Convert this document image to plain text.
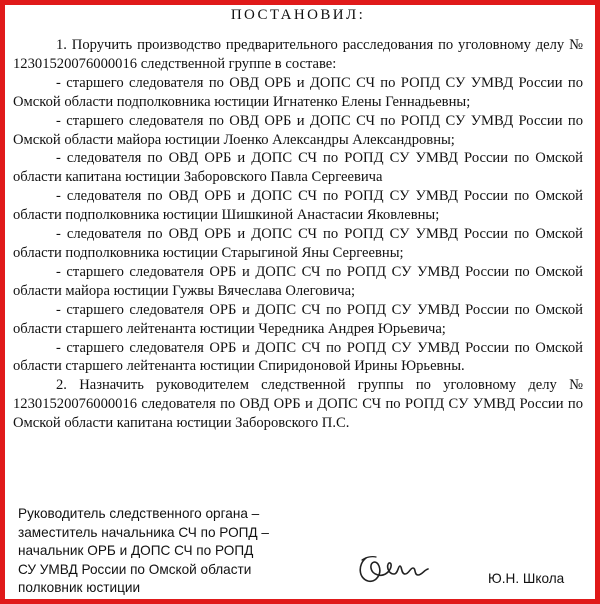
ПОСТАНОВИЛ:

1. Поручить производство предварительного расследования по уголовному делу № 12301520076000016 следственной группе в составе:

- старшего следователя по ОВД ОРБ и ДОПС СЧ по РОПД СУ УМВД России по Омской области подполковника юстиции Игнатенко Елены Геннадьевны;

- старшего следователя по ОВД ОРБ и ДОПС СЧ по РОПД СУ УМВД России по Омской области майора юстиции Лоенко Александры Александровны;

- следователя по ОВД ОРБ и ДОПС СЧ по РОПД СУ УМВД России по Омской области капитана юстиции Заборовского Павла Сергеевича

- следователя по ОВД ОРБ и ДОПС СЧ по РОПД СУ УМВД России по Омской области подполковника юстиции Шишкиной Анастасии Яковлевны;

- следователя по ОВД ОРБ и ДОПС СЧ по РОПД СУ УМВД России по Омской области подполковника юстиции Старыгиной Яны Сергеевны;

- старшего следователя ОРБ и ДОПС СЧ по РОПД СУ УМВД России по Омской области майора юстиции Гужвы Вячеслава Олеговича;

- старшего следователя ОРБ и ДОПС СЧ по РОПД СУ УМВД России по Омской области старшего лейтенанта юстиции Чередника Андрея Юрьевича;

- старшего следователя ОРБ и ДОПС СЧ по РОПД СУ УМВД России по Омской области старшего лейтенанта юстиции Спиридоновой Ирины Юрьевны.

2. Назначить руководителем следственной группы по уголовному делу № 12301520076000016 следователя по ОВД ОРБ и ДОПС СЧ по РОПД СУ УМВД России по Омской области капитана юстиции Заборовского П.С.

Руководитель следственного органа –
заместитель начальника СЧ по РОПД –
начальник ОРБ и ДОПС СЧ по РОПД
СУ УМВД России по Омской области
полковник юстиции
Ю.Н. Школа
